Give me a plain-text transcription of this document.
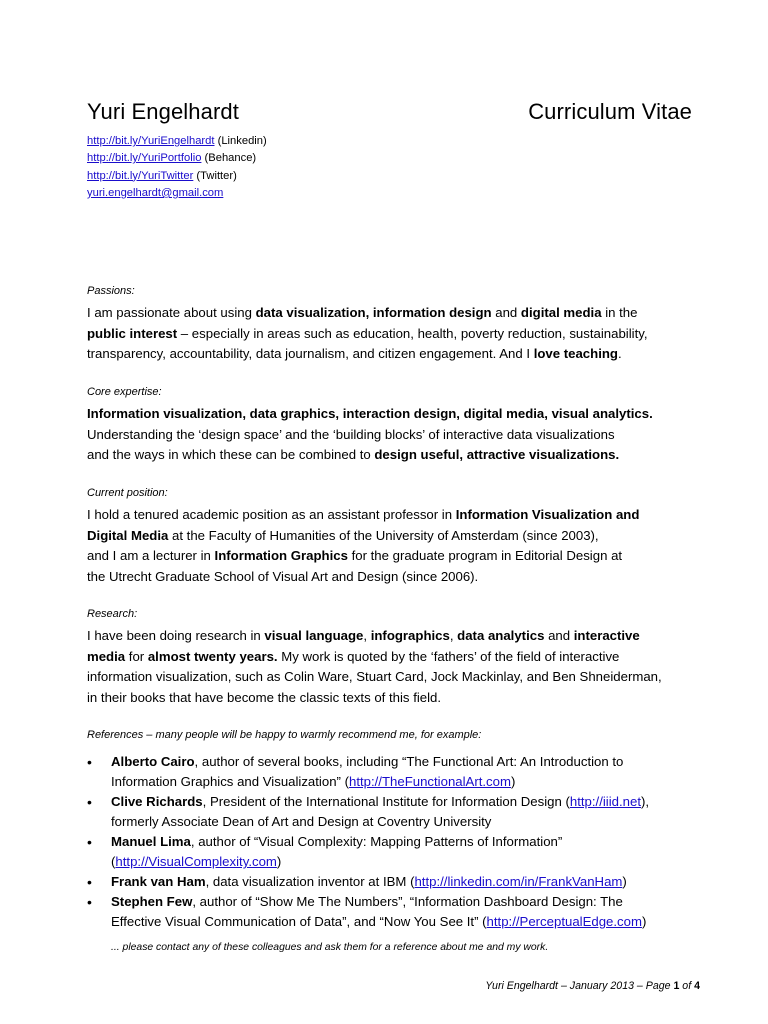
Yuri Engelhardt	Curriculum Vitae
http://bit.ly/YuriEngelhardt (Linkedin)
http://bit.ly/YuriPortfolio (Behance)
http://bit.ly/YuriTwitter (Twitter)
yuri.engelhardt@gmail.com
Passions:
I am passionate about using data visualization, information design and digital media in the
public interest – especially in areas such as education, health, poverty reduction, sustainability,
transparency, accountability, data journalism, and citizen engagement. And I love teaching.
Core expertise:
Information visualization, data graphics, interaction design, digital media, visual analytics.
Understanding the ‘design space’ and the ‘building blocks’ of interactive data visualizations
and the ways in which these can be combined to design useful, attractive visualizations.
Current position:
I hold a tenured academic position as an assistant professor in Information Visualization and
Digital Media at the Faculty of Humanities of the University of Amsterdam (since 2003),
and I am a lecturer in Information Graphics for the graduate program in Editorial Design at
the Utrecht Graduate School of Visual Art and Design (since 2006).
Research:
I have been doing research in visual language, infographics, data analytics and interactive
media for almost twenty years. My work is quoted by the ‘fathers’ of the field of interactive
information visualization, such as Colin Ware, Stuart Card, Jock Mackinlay, and Ben Shneiderman,
in their books that have become the classic texts of this field.
References – many people will be happy to warmly recommend me, for example:
• Alberto Cairo, author of several books, including “The Functional Art: An Introduction to
Information Graphics and Visualization” (http://TheFunctionalArt.com)
• Clive Richards, President of the International Institute for Information Design (http://iiid.net),
formerly Associate Dean of Art and Design at Coventry University
• Manuel Lima, author of “Visual Complexity: Mapping Patterns of Information”
(http://VisualComplexity.com)
• Frank van Ham, data visualization inventor at IBM (http://linkedin.com/in/FrankVanHam)
• Stephen Few, author of “Show Me The Numbers”, “Information Dashboard Design: The
Effective Visual Communication of Data”, and “Now You See It” (http://PerceptualEdge.com)
... please contact any of these colleagues and ask them for a reference about me and my work.
Yuri Engelhardt – January 2013 – Page 1 of 4
